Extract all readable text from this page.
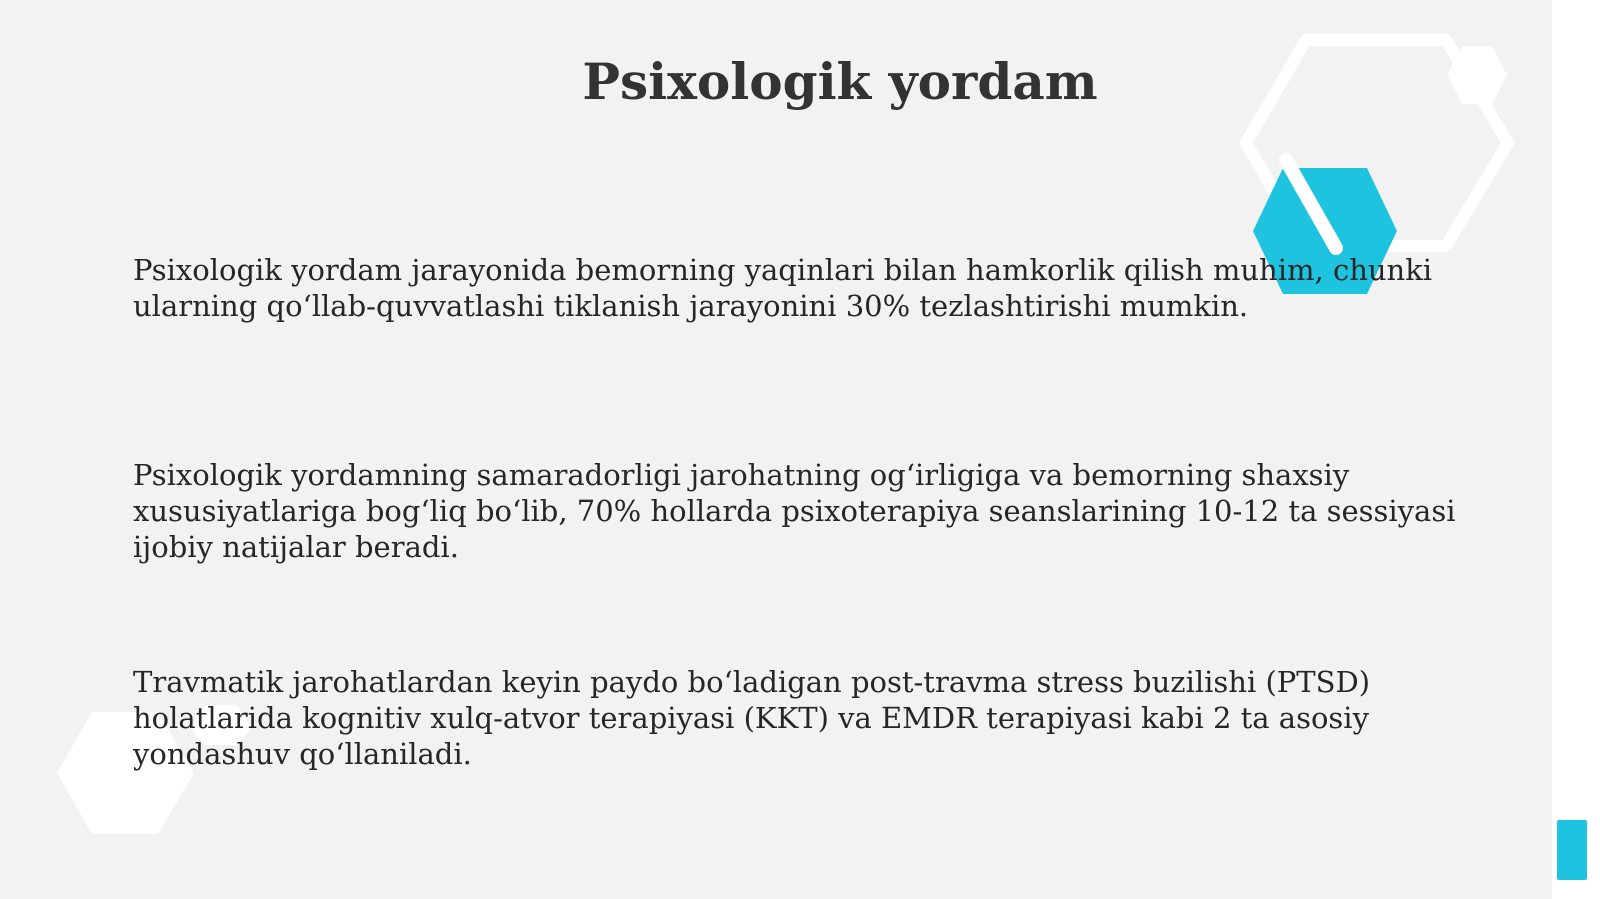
Psixologik yordam

Psixologik yordam jarayonida bemorning yaqinlari bilan hamkorlik qilish muhim, chunki ularning qo‘llab-quvvatlashi tiklanish jarayonini 30% tezlashtirishi mumkin.

Psixologik yordamning samaradorligi jarohatning og‘irligiga va bemorning shaxsiy xususiyatlariga bog‘liq bo‘lib, 70% hollarda psixoterapiya seanslarining 10-12 ta sessiyasi ijobiy natijalar beradi.

Travmatik jarohatlardan keyin paydo bo‘ladigan post-travma stress buzilishi (PTSD) holatlarida kognitiv xulq-atvor terapiyasi (KKT) va EMDR terapiyasi kabi 2 ta asosiy yondashuv qo‘llaniladi.
